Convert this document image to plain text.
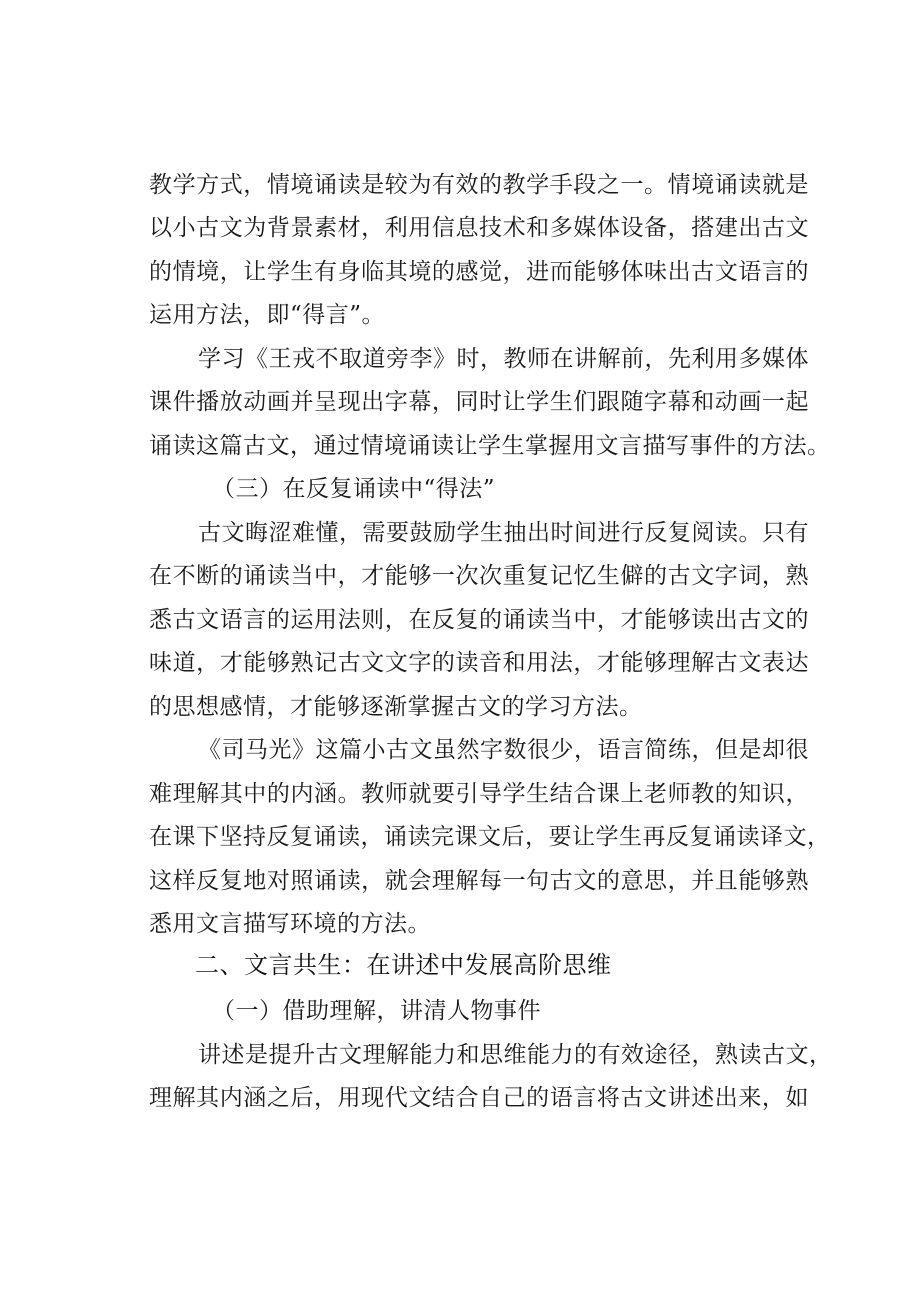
教学方式，情境诵读是较为有效的教学手段之一。情境诵读就是
以小古文为背景素材，利用信息技术和多媒体设备，搭建出古文
的情境，让学生有身临其境的感觉，进而能够体味出古文语言的
运用方法，即“得言”。
学习《王戎不取道旁李》时，教师在讲解前，先利用多媒体
课件播放动画并呈现出字幕，同时让学生们跟随字幕和动画一起
诵读这篇古文，通过情境诵读让学生掌握用文言描写事件的方法。
（三）在反复诵读中“得法”
古文晦涩难懂，需要鼓励学生抽出时间进行反复阅读。只有
在不断的诵读当中，才能够一次次重复记忆生僻的古文字词，熟
悉古文语言的运用法则，在反复的诵读当中，才能够读出古文的
味道，才能够熟记古文文字的读音和用法，才能够理解古文表达
的思想感情，才能够逐渐掌握古文的学习方法。
《司马光》这篇小古文虽然字数很少，语言简练，但是却很
难理解其中的内涵。教师就要引导学生结合课上老师教的知识，
在课下坚持反复诵读，诵读完课文后，要让学生再反复诵读译文，
这样反复地对照诵读，就会理解每一句古文的意思，并且能够熟
悉用文言描写环境的方法。
二、文言共生：在讲述中发展高阶思维
（一）借助理解，讲清人物事件
讲述是提升古文理解能力和思维能力的有效途径，熟读古文，
理解其内涵之后，用现代文结合自己的语言将古文讲述出来，如
